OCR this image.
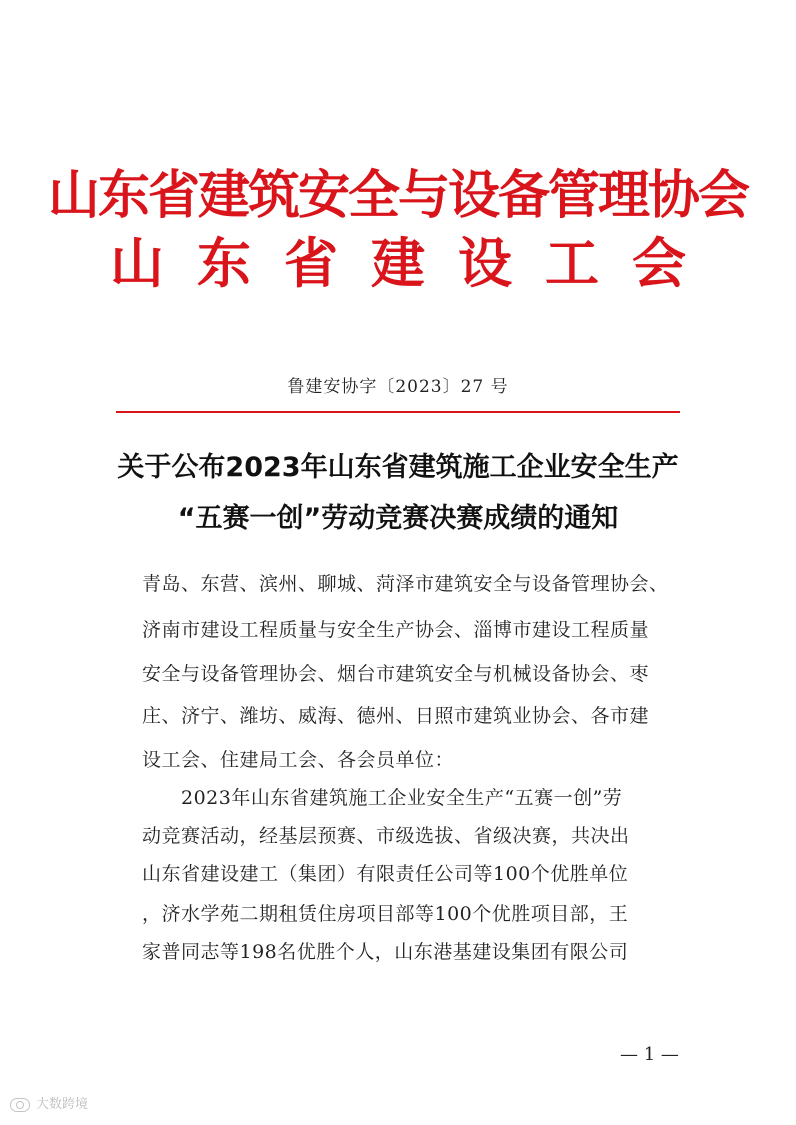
山东省建筑安全与设备管理协会
山东省建设工会
鲁建安协字〔2023〕27 号
关于公布2023年山东省建筑施工企业安全生产
“五赛一创”劳动竞赛决赛成绩的通知
青岛、东营、滨州、聊城、菏泽市建筑安全与设备管理协会、
济南市建设工程质量与安全生产协会、淄博市建设工程质量
安全与设备管理协会、烟台市建筑安全与机械设备协会、枣
庄、济宁、潍坊、威海、德州、日照市建筑业协会、各市建
设工会、住建局工会、各会员单位：
　　2023年山东省建筑施工企业安全生产“五赛一创”劳
动竞赛活动，经基层预赛、市级选拔、省级决赛，共决出
山东省建设建工（集团）有限责任公司等100个优胜单位
，济水学苑二期租赁住房项目部等100个优胜项目部，王
家普同志等198名优胜个人，山东港基建设集团有限公司
— 1 —
大数跨境
